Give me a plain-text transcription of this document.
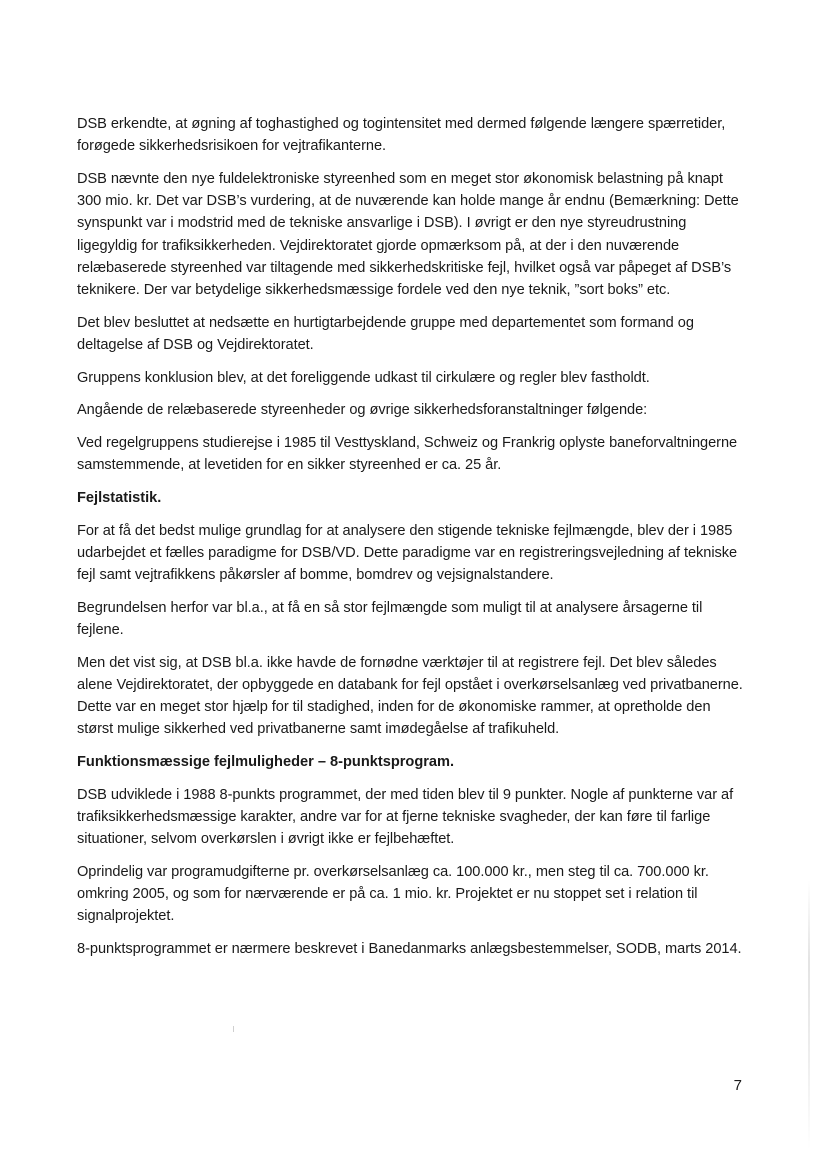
DSB erkendte, at øgning af toghastighed og togintensitet med dermed følgende længere spærretider, forøgede sikkerhedsrisikoen for vejtrafikanterne.

DSB nævnte den nye fuldelektroniske styreenhed som en meget stor økonomisk belastning på knapt 300 mio. kr. Det var DSB’s vurdering, at de nuværende kan holde mange år endnu (Bemærkning: Dette synspunkt var i modstrid med de tekniske ansvarlige i DSB). I øvrigt er den nye styreudrustning ligegyldig for trafiksikkerheden. Vejdirektoratet gjorde opmærksom på, at der i den nuværende relæbaserede styreenhed var tiltagende med sikkerhedskritiske fejl, hvilket også var påpeget af DSB’s teknikere. Der var betydelige sikkerhedsmæssige fordele ved den nye teknik, ”sort boks” etc.

Det blev besluttet at nedsætte en hurtigtarbejdende gruppe med departementet som formand og deltagelse af DSB og Vejdirektoratet.

Gruppens konklusion blev, at det foreliggende udkast til cirkulære og regler blev fastholdt.

Angående de relæbaserede styreenheder og øvrige sikkerhedsforanstaltninger følgende:

Ved regelgruppens studierejse i 1985 til Vesttyskland, Schweiz og Frankrig oplyste baneforvaltningerne samstemmende, at levetiden for en sikker styreenhed er ca. 25 år.

Fejlstatistik.

For at få det bedst mulige grundlag for at analysere den stigende tekniske fejlmængde, blev der i 1985 udarbejdet et fælles paradigme for DSB/VD. Dette paradigme var en registreringsvejledning af tekniske fejl samt vejtrafikkens påkørsler af bomme, bomdrev og vejsignalstandere.

Begrundelsen herfor var bl.a., at få en så stor fejlmængde som muligt til at analysere årsagerne til fejlene.

Men det vist sig, at DSB bl.a. ikke havde de fornødne værktøjer til at registrere fejl. Det blev således alene Vejdirektoratet, der opbyggede en databank for fejl opstået i overkørselsanlæg ved privatbanerne. Dette var en meget stor hjælp for til stadighed, inden for de økonomiske rammer, at opretholde den størst mulige sikkerhed ved privatbanerne samt imødegåelse af trafikuheld.

Funktionsmæssige fejlmuligheder – 8-punktsprogram.

DSB udviklede i 1988 8-punkts programmet, der med tiden blev til 9 punkter. Nogle af punkterne var af trafiksikkerhedsmæssige karakter, andre var for at fjerne tekniske svagheder, der kan føre til farlige situationer, selvom overkørslen i øvrigt ikke er fejlbehæftet.

Oprindelig var programudgifterne pr. overkørselsanlæg ca. 100.000 kr., men steg til ca. 700.000 kr. omkring 2005, og som for nærværende er på ca. 1 mio. kr. Projektet er nu stoppet set i relation til signalprojektet.

8-punktsprogrammet er nærmere beskrevet i Banedanmarks anlægsbestemmelser, SODB, marts 2014.

7
